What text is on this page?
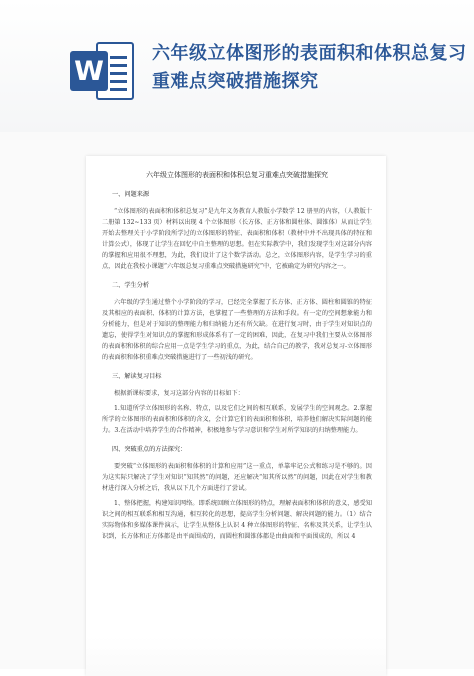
W
六年级立体图形的表面积和体积总复习重难点突破措施探究
六年级立体图形的表面积和体积总复习重难点突破措施探究
一、问题来源

“立体图形的表面积和体积总复习”是九年义务教育人教版小学数学 12 册里的内容，（人教版十二册第 132~133 页）材料以出现 4 个立体图形（长方体、正方体和圆柱体、圆锥体）从而让学生开始去整理关于小学阶段所学过的立体图形的特征、表面积和体积（教材中并不出现具体的特征和计算公式），体现了让学生在回忆中自主整理的思想。但在实际教学中，我们发现学生对这部分内容的掌握和应用很不理想，为此，我们设计了这个数学活动。总之，立体图形内容，是学生学习的重点，因此在我校小课题“六年级总复习重难点突破措施研究”中，它被确定为研究内容之一。

二、学生分析

六年级的学生通过整个小学阶段的学习，已经完全掌握了长方体、正方体、圆柱和圆锥的特征及其相应的表面积、体积的计算方法，也掌握了一些整理的方法和手段。有一定的空间想象能力和分析能力，但是对于知识的整理能力和归纳能力还有所欠缺。在进行复习时，由于学生对知识点的遗忘，使得学生对知识点的掌握和形成体系有了一定的困难，因此，在复习中我们主要从立体图形的表面积和体积的综合应用一点是学生学习的重点，为此，结合自己的教学，我对总复习-立体图形的表面积和体积重难点突破措施进行了一些初浅的研究。

三、解读复习目标

根据新课标要求，复习这部分内容的目标如下：

1.知道所学立体图形的名称、特点，以及它们之间的相互联系，发展学生的空间观念。2.掌握所学的立体图形的表面积和体积的含义，会计算它们的表面积和体积，培养他们解决实际问题的能力。3.在活动中培养学生的合作精神，积极地参与学习意识和学生对所学知识的归纳整理能力。

四、突破重点的方法探究：

要突破“立体图形的表面积和体积的计算和应用”这一重点，单靠牢记公式和练习是不够的。因为这实际只解决了学生对知识“知其然”的问题，还应解决“知其所以然”的问题，因此在对学生和教材进行深入分析之后，我从以下几个方面进行了尝试。

1、整体把握，构建知识网络。即系统回顾立体图形的特点，理解表面积和体积的意义，感受知识之间的相互联系和相互沟通，相互转化的思想，提高学生分析问题、解决问题的能力。（1）结合实际物体和多媒体课件演示，让学生从整体上认识 4 种立体图形的特征、名称及其关系，让学生认识到，长方体和正方体都是由平面围成的，而圆柱和圆锥体都是由曲面和平面围成的，所以 4
